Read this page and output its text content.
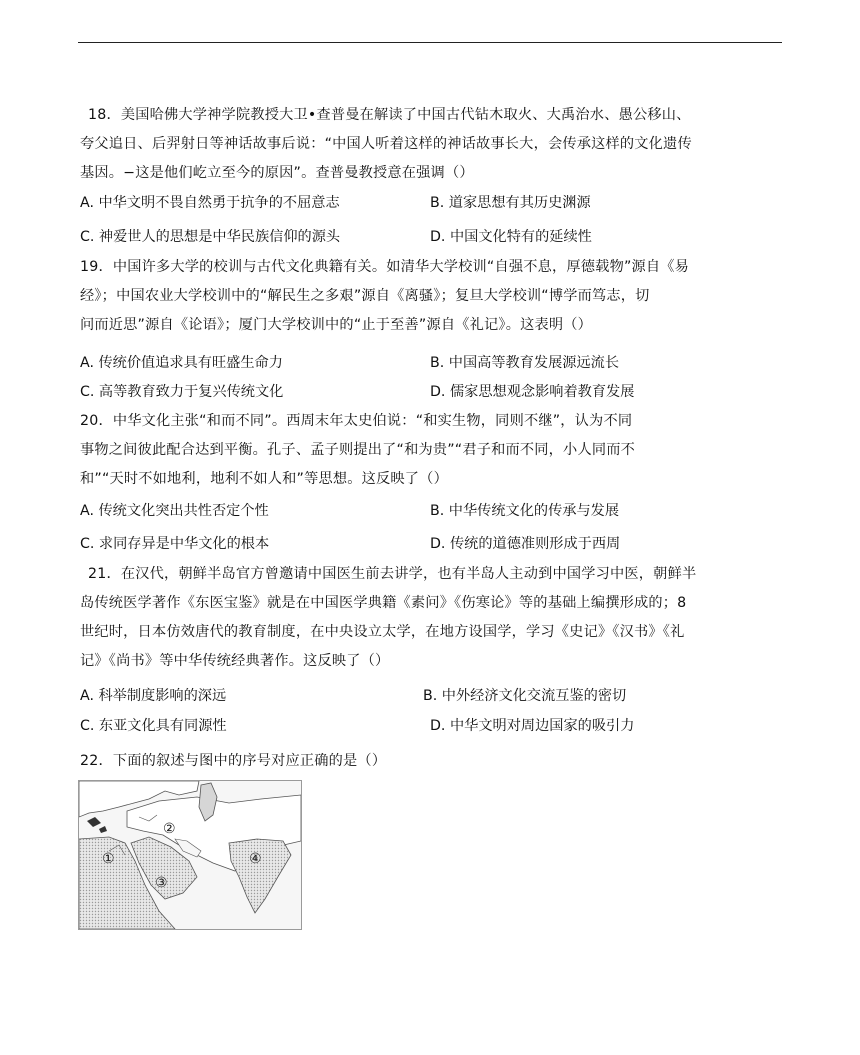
18．美国哈佛大学神学院教授大卫•查普曼在解读了中国古代钻木取火、大禹治水、愚公移山、
夸父追日、后羿射日等神话故事后说：“中国人听着这样的神话故事长大，会传承这样的文化遗传
基因。−这是他们屹立至今的原因”。查普曼教授意在强调（）
A. 中华文明不畏自然勇于抗争的不屈意志	B. 道家思想有其历史渊源
C. 神爱世人的思想是中华民族信仰的源头	D. 中国文化特有的延续性
19．中国许多大学的校训与古代文化典籍有关。如清华大学校训“自强不息，厚德载物”源自《易
经》；中国农业大学校训中的“解民生之多艰”源自《离骚》；复旦大学校训“博学而笃志，切
问而近思”源自《论语》；厦门大学校训中的“止于至善”源自《礼记》。这表明（）
A. 传统价值追求具有旺盛生命力	B. 中国高等教育发展源远流长
C. 高等教育致力于复兴传统文化	D. 儒家思想观念影响着教育发展
20．中华文化主张“和而不同”。西周末年太史伯说：“和实生物，同则不继”，认为不同
事物之间彼此配合达到平衡。孔子、孟子则提出了“和为贵”“君子和而不同，小人同而不
和”“天时不如地利，地利不如人和”等思想。这反映了（）
A. 传统文化突出共性否定个性	B. 中华传统文化的传承与发展
C. 求同存异是中华文化的根本	D. 传统的道德准则形成于西周
21．在汉代，朝鲜半岛官方曾邀请中国医生前去讲学，也有半岛人主动到中国学习中医，朝鲜半
岛传统医学著作《东医宝鉴》就是在中国医学典籍《素问》《伤寒论》等的基础上编撰形成的；8
世纪时，日本仿效唐代的教育制度，在中央设立太学，在地方设国学，学习《史记》《汉书》《礼
记》《尚书》等中华传统经典著作。这反映了（）
A. 科举制度影响的深远	B. 中外经济文化交流互鉴的密切
C. 东亚文化具有同源性	D. 中华文明对周边国家的吸引力
22．下面的叙述与图中的序号对应正确的是（）
①
②
③
④
